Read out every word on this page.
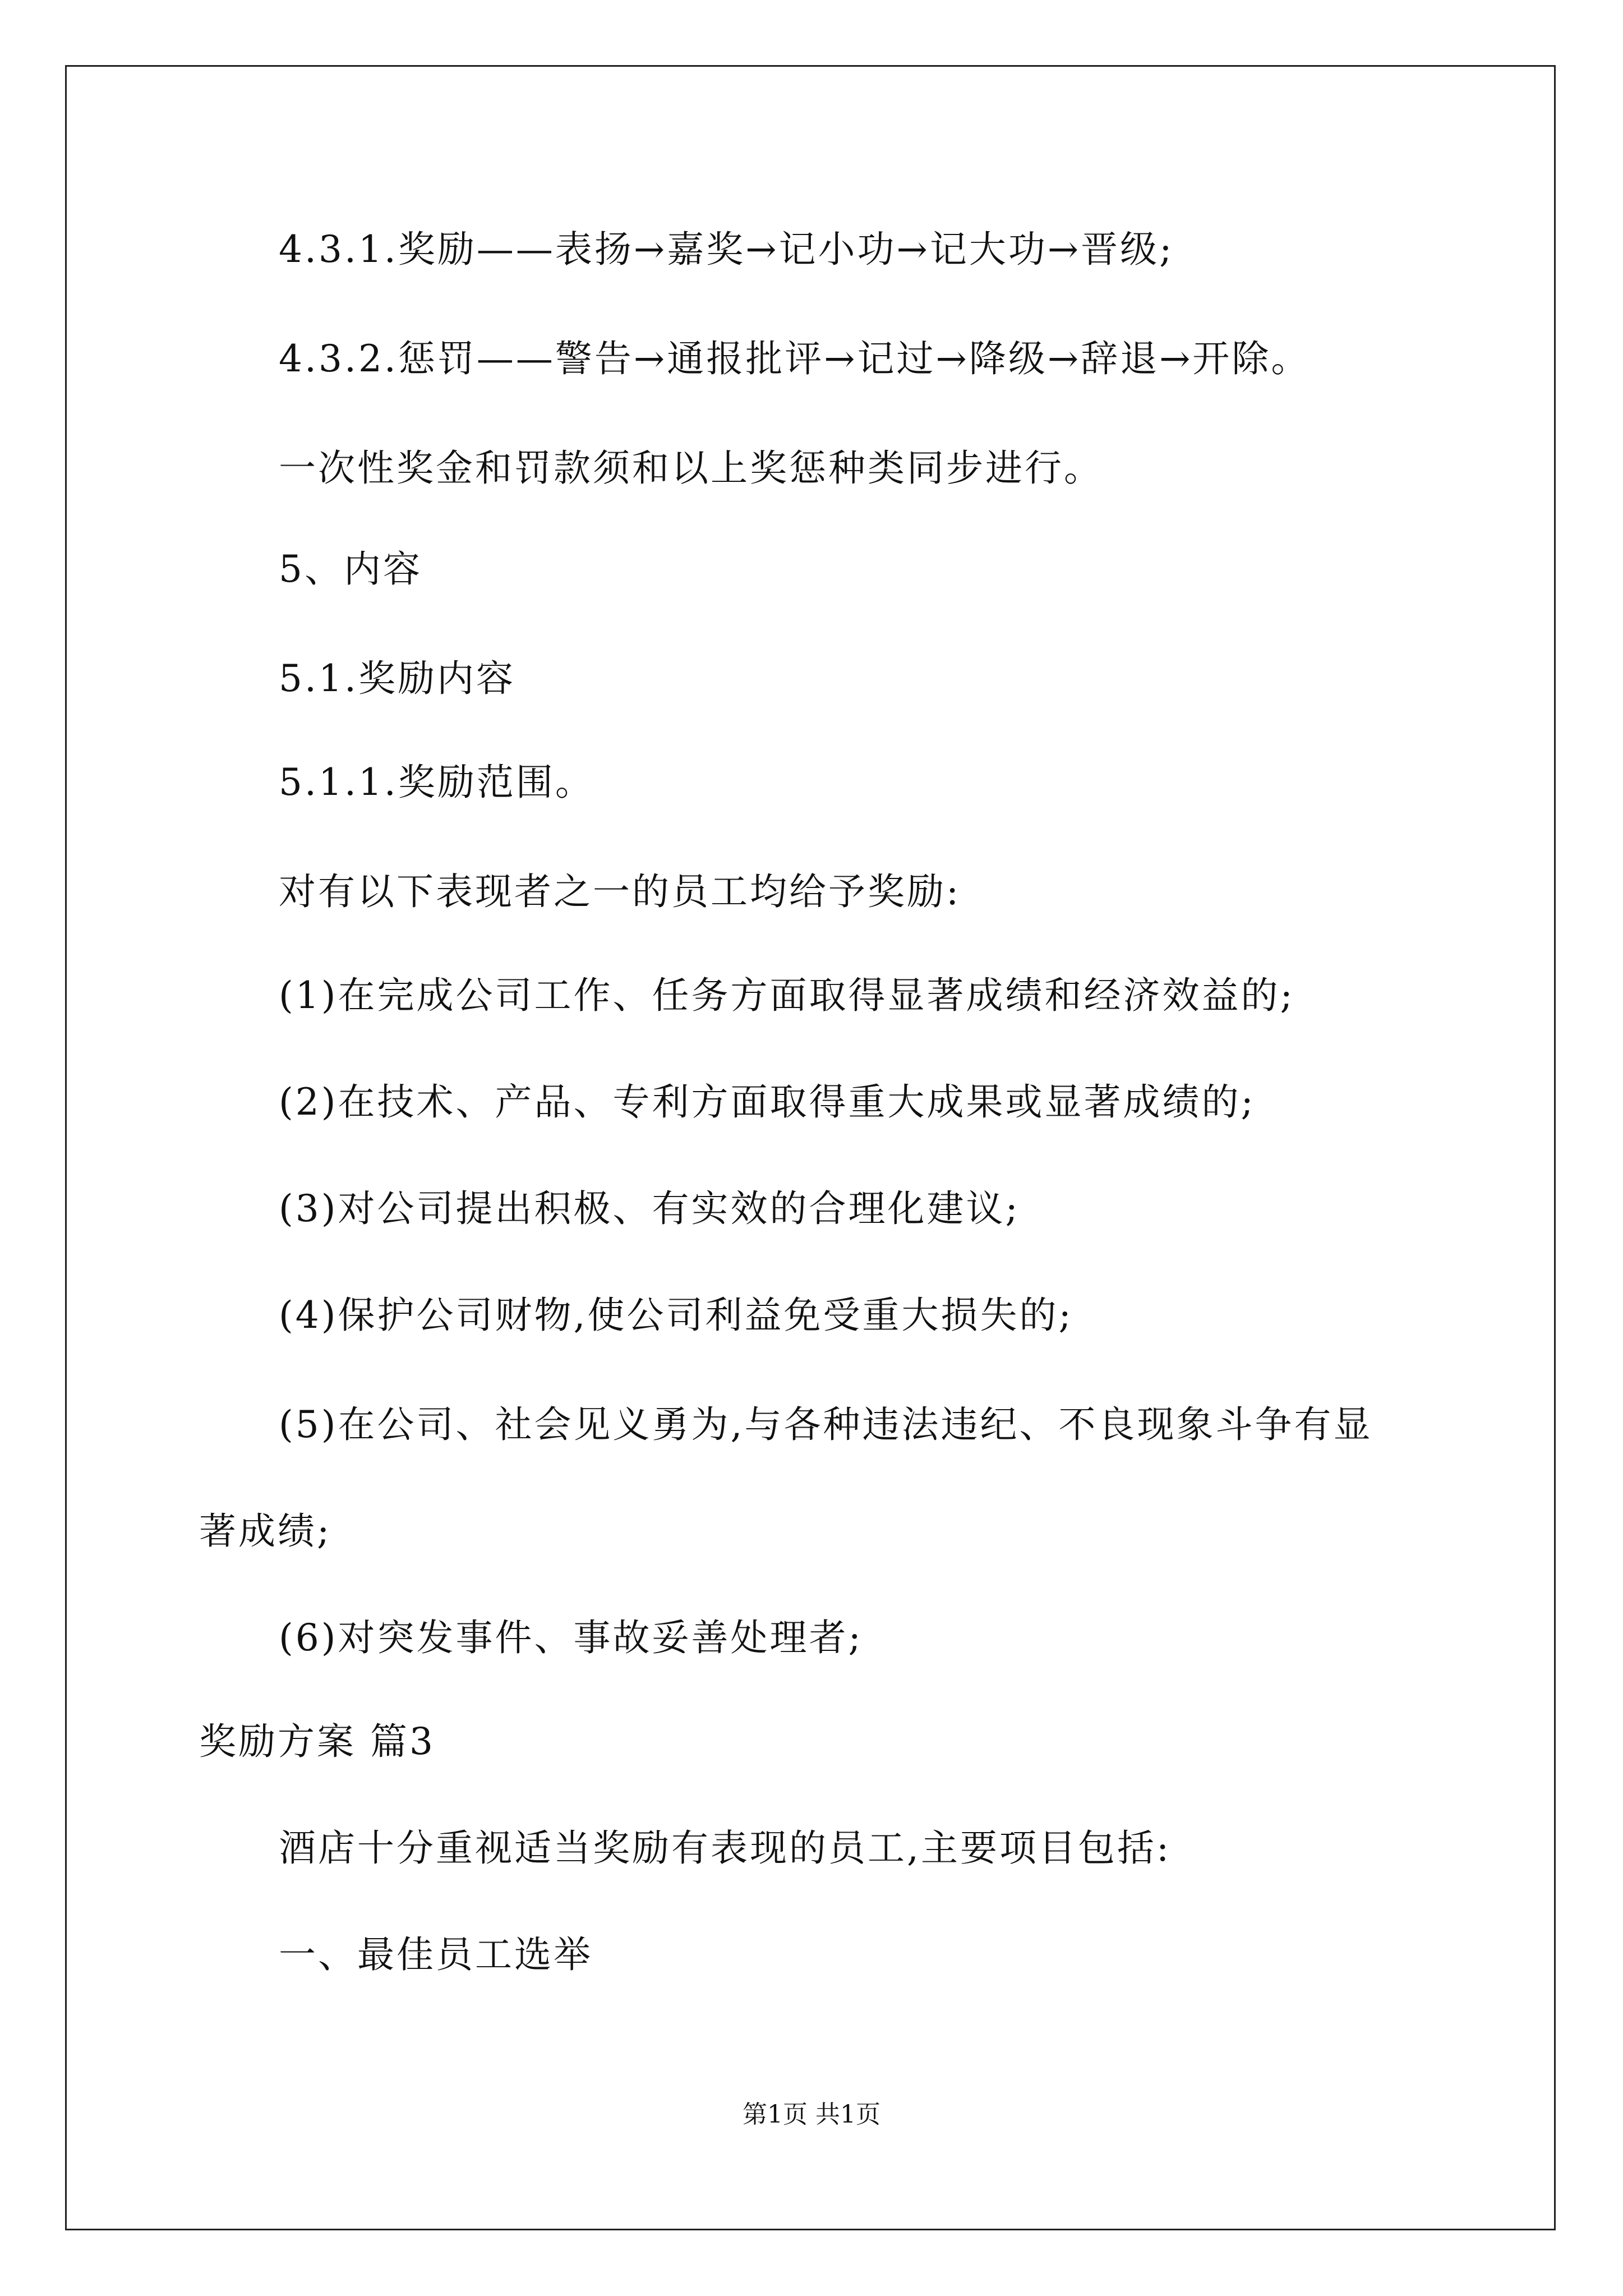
4.3.1.奖励——表扬→嘉奖→记小功→记大功→晋级;
4.3.2.惩罚——警告→通报批评→记过→降级→辞退→开除。
一次性奖金和罚款须和以上奖惩种类同步进行。
5、内容
5.1.奖励内容
5.1.1.奖励范围。
对有以下表现者之一的员工均给予奖励:
(1)在完成公司工作、任务方面取得显著成绩和经济效益的;
(2)在技术、产品、专利方面取得重大成果或显著成绩的;
(3)对公司提出积极、有实效的合理化建议;
(4)保护公司财物,使公司利益免受重大损失的;
(5)在公司、社会见义勇为,与各种违法违纪、不良现象斗争有显
著成绩;
(6)对突发事件、事故妥善处理者;
奖励方案 篇3
酒店十分重视适当奖励有表现的员工,主要项目包括:
一、最佳员工选举
第1页 共1页
